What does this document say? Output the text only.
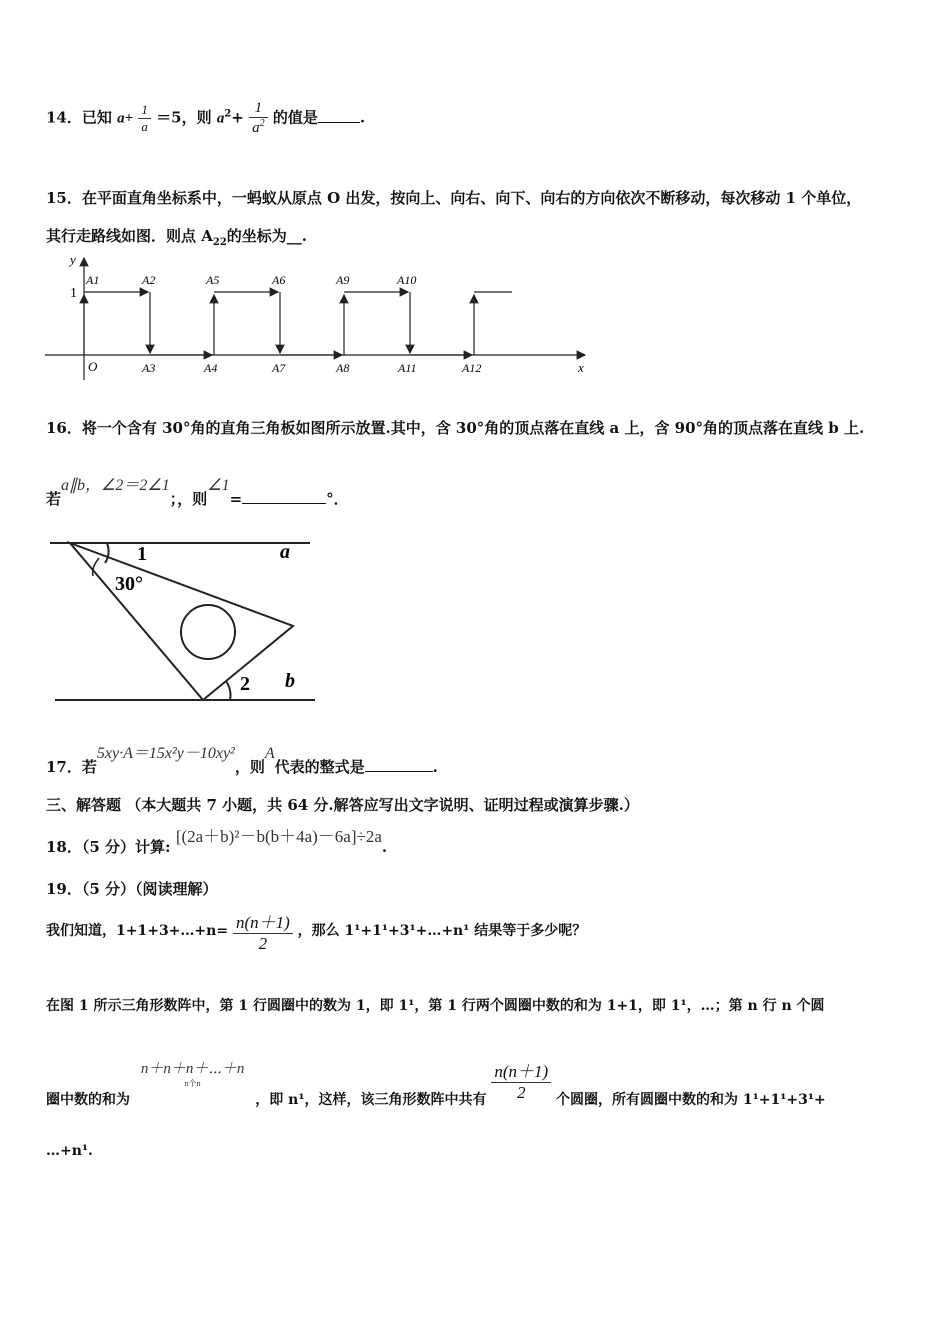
14．已知 $a+ \frac{1}{a} =5$，则 $a^2+ \frac{1}{a^2}$ 的值是	.
15．在平面直角坐标系中，一蚂蚁从原点 O 出发，按向上、向右、向下、向右的方向依次不断移动，每次移动 1 个单位，
其行走路线如图．则点 $A_{22}$的坐标为__.
y
x
1
O
A1	A2	A5	A6	A9	A10
A3	A4	A7	A8	A11	A12
16．将一个含有 30°角的直角三角板如图所示放置.其中，含 30°角的顶点落在直线 a 上，含 90°角的顶点落在直线 b 上.
若a∥b，∠2＝2∠1；，则∠1=	°．
1
30°
2
a
b
17．若5xy·A＝15x²y－10xy²，则A代表的整式是	.
三、解答题 （本大题共 7 小题，共 64 分.解答应写出文字说明、证明过程或演算步骤.）
18．（5 分）计算: [(2a＋b)²－b(b＋4a)－6a]÷2a.
19．（5 分）（阅读理解）
我们知道，1+1+3+…+n= $\frac{n(n+1)}{2}$ ，那么 1¹+1¹+3¹+…+n¹ 结果等于多少呢？
在图 1 所示三角形数阵中，第 1 行圆圈中的数为 1，即 1¹，第 1 行两个圆圈中数的和为 1+1，即 1¹，…；第 n 行 n 个圆
圈中数的和为
n＋n＋n＋⋯＋n
n个n
，即 n¹，这样，该三角形数阵中共有 $\frac{n(n+1)}{2}$ 个圆圈，所有圆圈中数的和为 1¹+1¹+3¹+
…+n¹.
